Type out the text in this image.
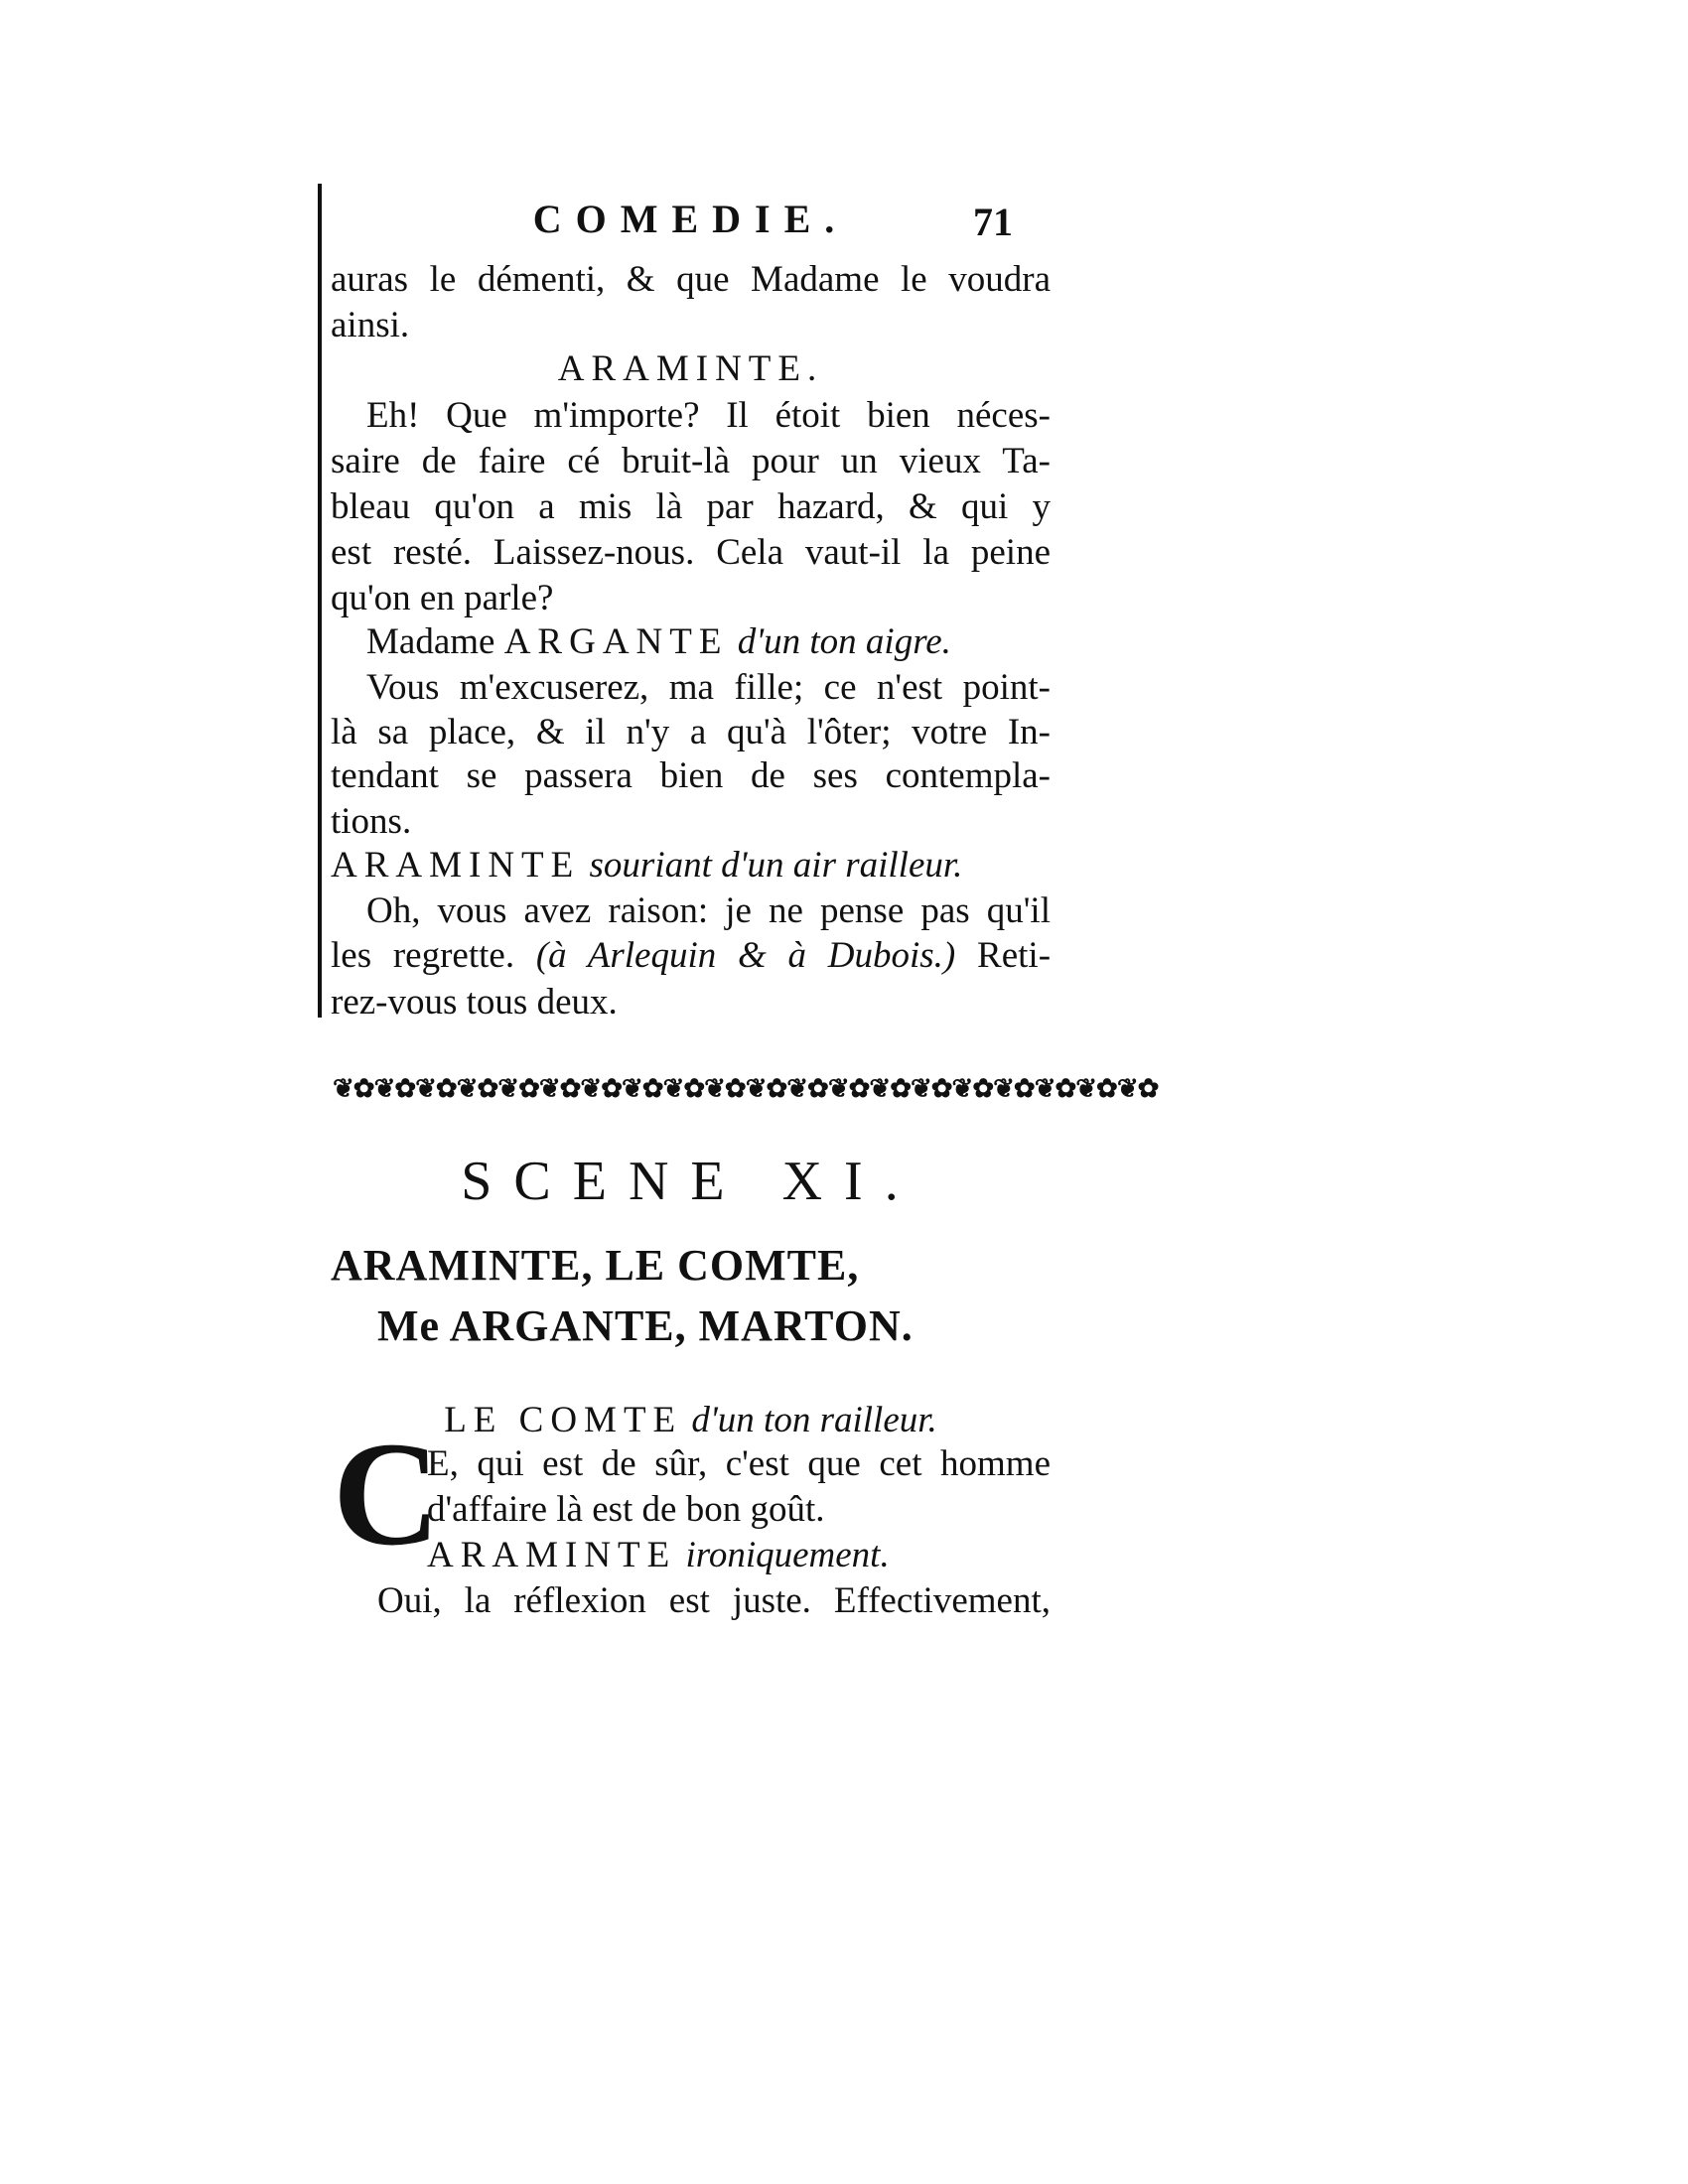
COMEDIE.	71
auras le démenti, & que Madame le voudra
ainsi.
ARAMINTE.
Eh! Que m'importe? Il étoit bien néces-
saire de faire cé bruit-là pour un vieux Ta-
bleau qu'on a mis là par hazard, & qui y
est resté. Laissez-nous. Cela vaut-il la peine
qu'on en parle?
Madame ARGANTE d'un ton aigre.
Vous m'excuserez, ma fille; ce n'est point-
là sa place, & il n'y a qu'à l'ôter; votre In-
tendant se passera bien de ses contempla-
tions.
ARAMINTE souriant d'un air railleur.
Oh, vous avez raison: je ne pense pas qu'il
les regrette. (à Arlequin & à Dubois.) Reti-
rez-vous tous deux.
❦✿❦✿❦✿❦✿❦✿❦✿❦✿❦✿❦✿❦✿❦✿❦✿❦✿❦✿❦✿❦✿❦✿❦✿❦✿❦✿
SCENE XI.
ARAMINTE, LE COMTE,
Me ARGANTE, MARTON.
LE COMTE d'un ton railleur.
C
E, qui est de sûr, c'est que cet homme
d'affaire là est de bon goût.
ARAMINTE ironiquement.
Oui, la réflexion est juste. Effectivement,
